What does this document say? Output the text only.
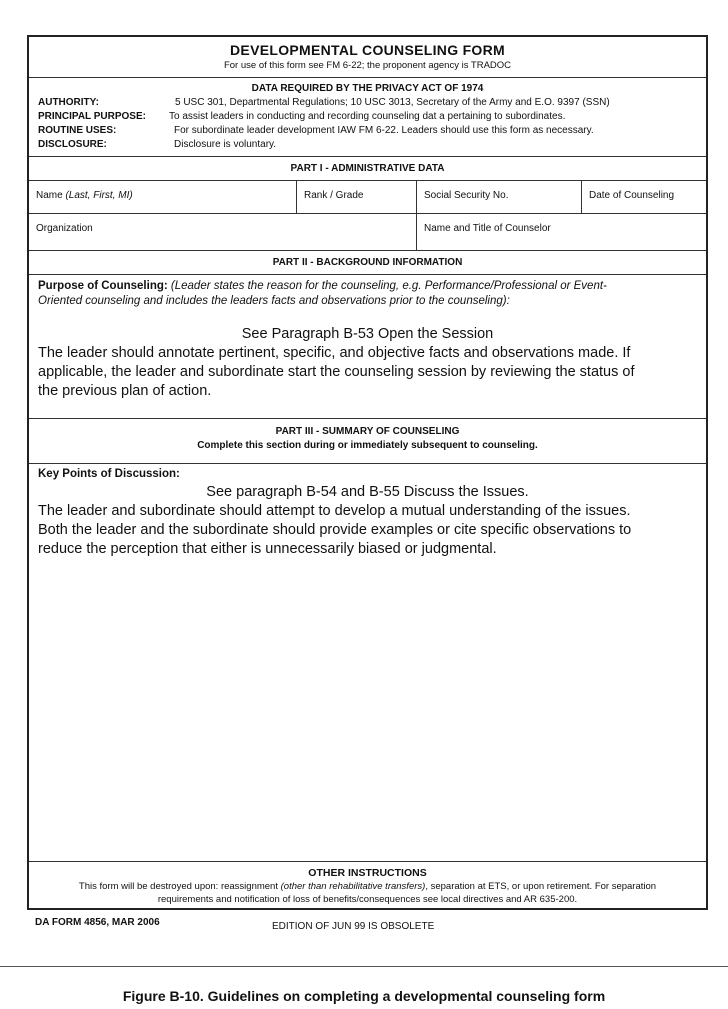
DEVELOPMENTAL COUNSELING FORM
For use of this form see FM 6-22; the proponent agency is TRADOC
DATA REQUIRED BY THE PRIVACY ACT OF 1974
AUTHORITY:	5 USC 301, Departmental Regulations; 10 USC 3013, Secretary of the Army and E.O. 9397 (SSN)
PRINCIPAL PURPOSE: To assist leaders in conducting and recording counseling dat a pertaining to subordinates.
ROUTINE USES:	For subordinate leader development IAW FM 6-22. Leaders should use this form as necessary.
DISCLOSURE:	Disclosure is voluntary.
PART I - ADMINISTRATIVE DATA
Name (Last, First, MI)	Rank / Grade	Social Security No.	Date of Counseling
Organization	Name and Title of Counselor
PART II - BACKGROUND INFORMATION
Purpose of Counseling: (Leader states the reason for the counseling, e.g. Performance/Professional or Event-
Oriented counseling and includes the leaders facts and observations prior to the counseling):
See Paragraph B-53 Open the Session
The leader should annotate pertinent, specific, and objective facts and observations made. If
applicable, the leader and subordinate start the counseling session by reviewing the status of
the previous plan of action.
PART III - SUMMARY OF COUNSELING
Complete this section during or immediately subsequent to counseling.
Key Points of Discussion:
See paragraph B-54 and B-55 Discuss the Issues.
The leader and subordinate should attempt to develop a mutual understanding of the issues.
Both the leader and the subordinate should provide examples or cite specific observations to
reduce the perception that either is unnecessarily biased or judgmental.
OTHER INSTRUCTIONS
This form will be destroyed upon: reassignment (other than rehabilitative transfers), separation at ETS, or upon retirement. For separation
requirements and notification of loss of benefits/consequences see local directives and AR 635-200.
DA FORM 4856, MAR 2006	EDITION OF JUN 99 IS OBSOLETE
Figure B-10. Guidelines on completing a developmental counseling form
